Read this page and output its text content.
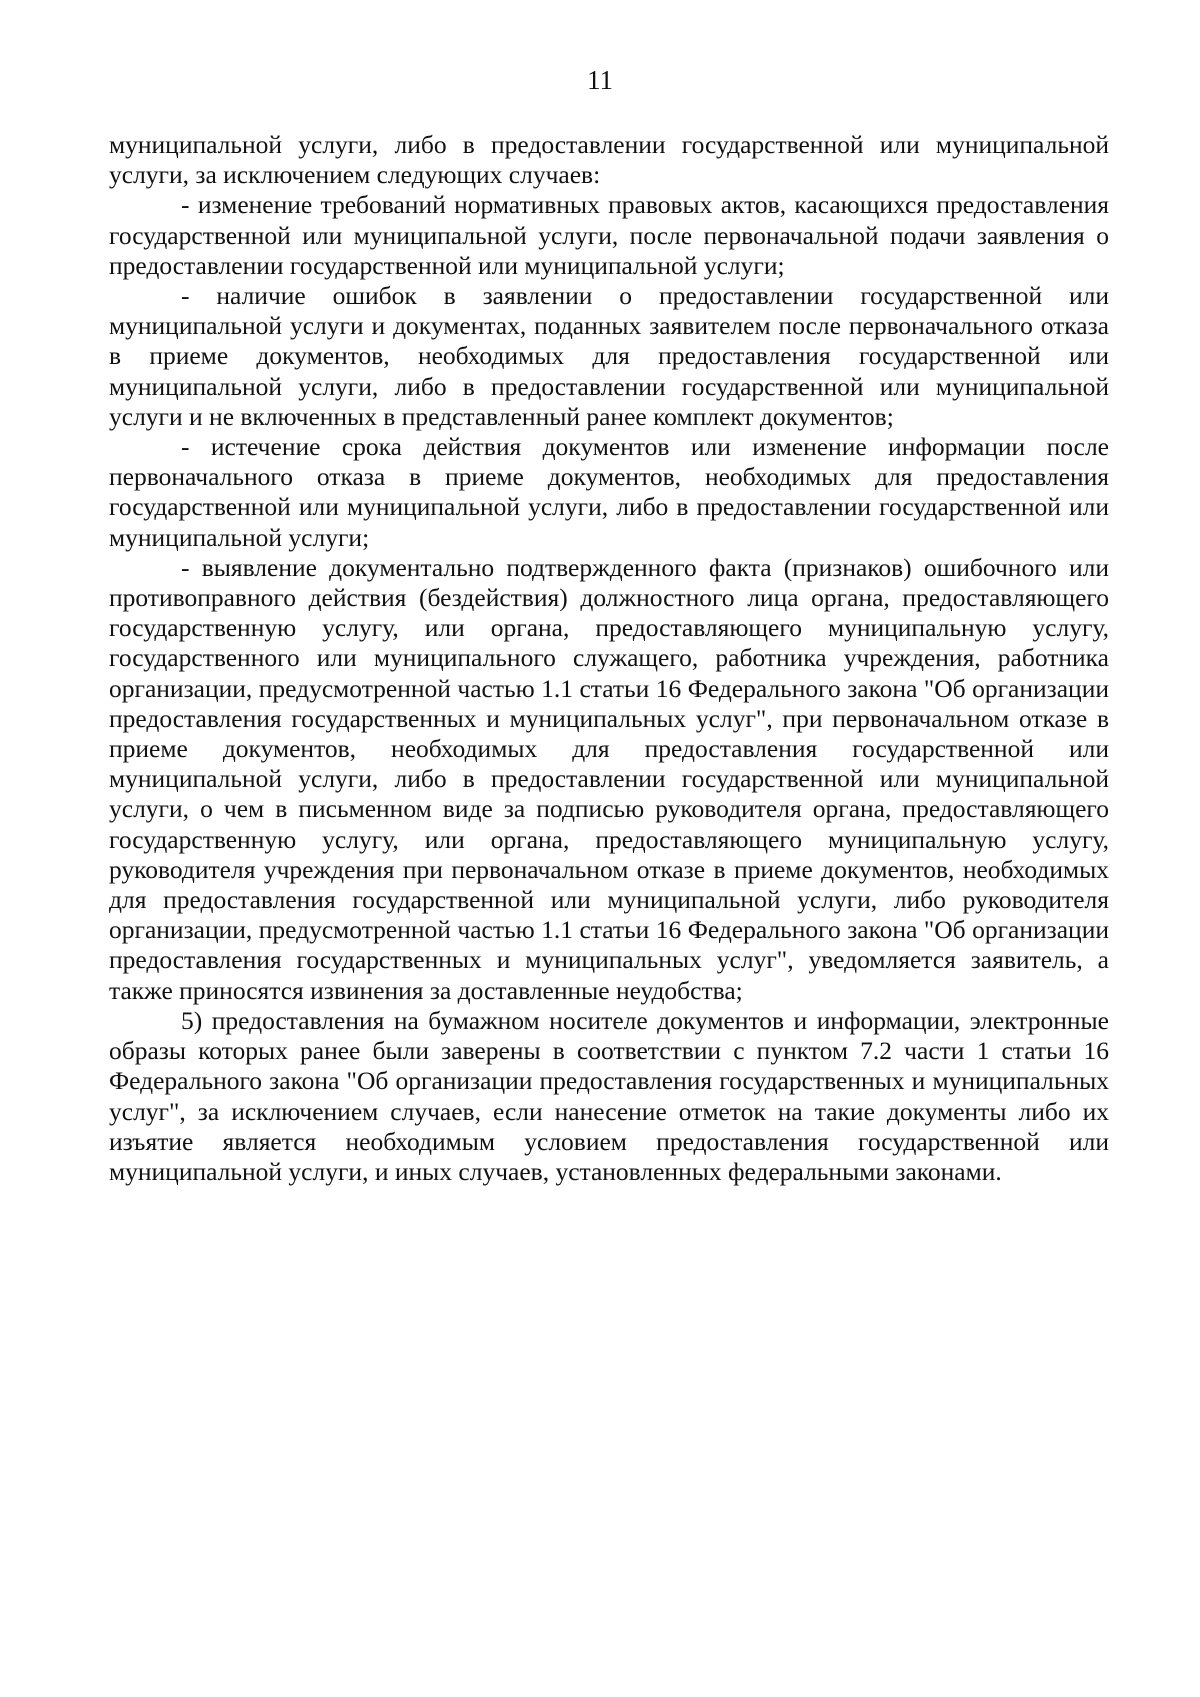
11

муниципальной услуги, либо в предоставлении государственной или муниципальной услуги, за исключением следующих случаев:

- изменение требований нормативных правовых актов, касающихся предоставления государственной или муниципальной услуги, после первоначальной подачи заявления о предоставлении государственной или муниципальной услуги;

- наличие ошибок в заявлении о предоставлении государственной или муниципальной услуги и документах, поданных заявителем после первоначального отказа в приеме документов, необходимых для предоставления государственной или муниципальной услуги, либо в предоставлении государственной или муниципальной услуги и не включенных в представленный ранее комплект документов;

- истечение срока действия документов или изменение информации после первоначального отказа в приеме документов, необходимых для предоставления государственной или муниципальной услуги, либо в предоставлении государственной или муниципальной услуги;

- выявление документально подтвержденного факта (признаков) ошибочного или противоправного действия (бездействия) должностного лица органа, предоставляющего государственную услугу, или органа, предоставляющего муниципальную услугу, государственного или муниципального служащего, работника учреждения, работника организации, предусмотренной частью 1.1 статьи 16 Федерального закона "Об организации предоставления государственных и муниципальных услуг", при первоначальном отказе в приеме документов, необходимых для предоставления государственной или муниципальной услуги, либо в предоставлении государственной или муниципальной услуги, о чем в письменном виде за подписью руководителя органа, предоставляющего государственную услугу, или органа, предоставляющего муниципальную услугу, руководителя учреждения при первоначальном отказе в приеме документов, необходимых для предоставления государственной или муниципальной услуги, либо руководителя организации, предусмотренной частью 1.1 статьи 16 Федерального закона "Об организации предоставления государственных и муниципальных услуг", уведомляется заявитель, а также приносятся извинения за доставленные неудобства;

5) предоставления на бумажном носителе документов и информации, электронные образы которых ранее были заверены в соответствии с пунктом 7.2 части 1 статьи 16 Федерального закона "Об организации предоставления государственных и муниципальных услуг", за исключением случаев, если нанесение отметок на такие документы либо их изъятие является необходимым условием предоставления государственной или муниципальной услуги, и иных случаев, установленных федеральными законами.
